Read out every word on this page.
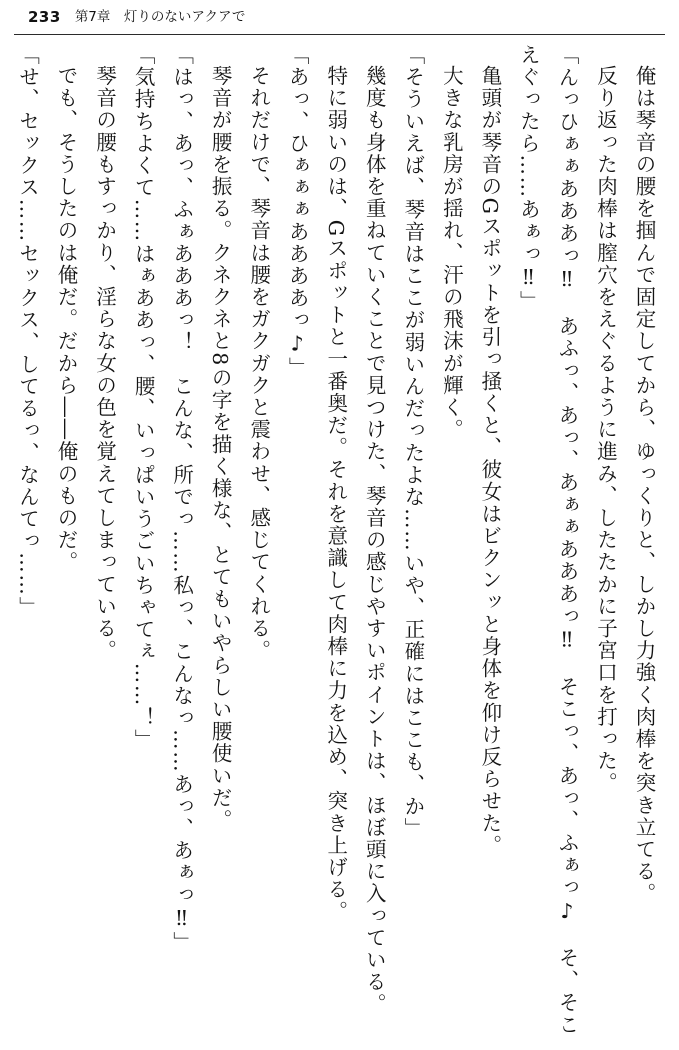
233 第7章　灯りのないアクアで

俺は琴音の腰を掴んで固定してから、ゆっくりと、しかし力強く肉棒を突き立てる。

反り返った肉棒は膣穴をえぐるように進み、したたかに子宮口を打った。

「んっひぁぁあああっ‼　あふっ、あっ、あぁぁあああっ‼　そこっ、あっ、ふぁっ♪　そ、そこえぐったら……あぁっ‼」

亀頭が琴音のGスポットを引っ掻くと、彼女はビクンッと身体を仰け反らせた。

大きな乳房が揺れ、汗の飛沫が輝く。

「そういえば、琴音はここが弱いんだったよな……いや、正確にはここも、か」

幾度も身体を重ねていくことで見つけた、琴音の感じやすいポイントは、ほぼ頭に入っている。

特に弱いのは、Gスポットと一番奥だ。それを意識して肉棒に力を込め、突き上げる。

「あっ、ひぁぁぁああああっ♪」

それだけで、琴音は腰をガクガクと震わせ、感じてくれる。

琴音が腰を振る。クネクネと8の字を描く様な、とてもいやらしい腰使いだ。

「はっ、あっ、ふぁあああっ！　こんな、所でっ……私っ、こんなっ……あっ、あぁっ‼」

「気持ちよくて……はぁああっ、腰、いっぱいうごいちゃてぇ……！」

琴音の腰もすっかり、淫らな女の色を覚えてしまっている。

でも、そうしたのは俺だ。だから――俺のものだ。

「せ、セックス……セックス、してるっ、なんてっ……」
